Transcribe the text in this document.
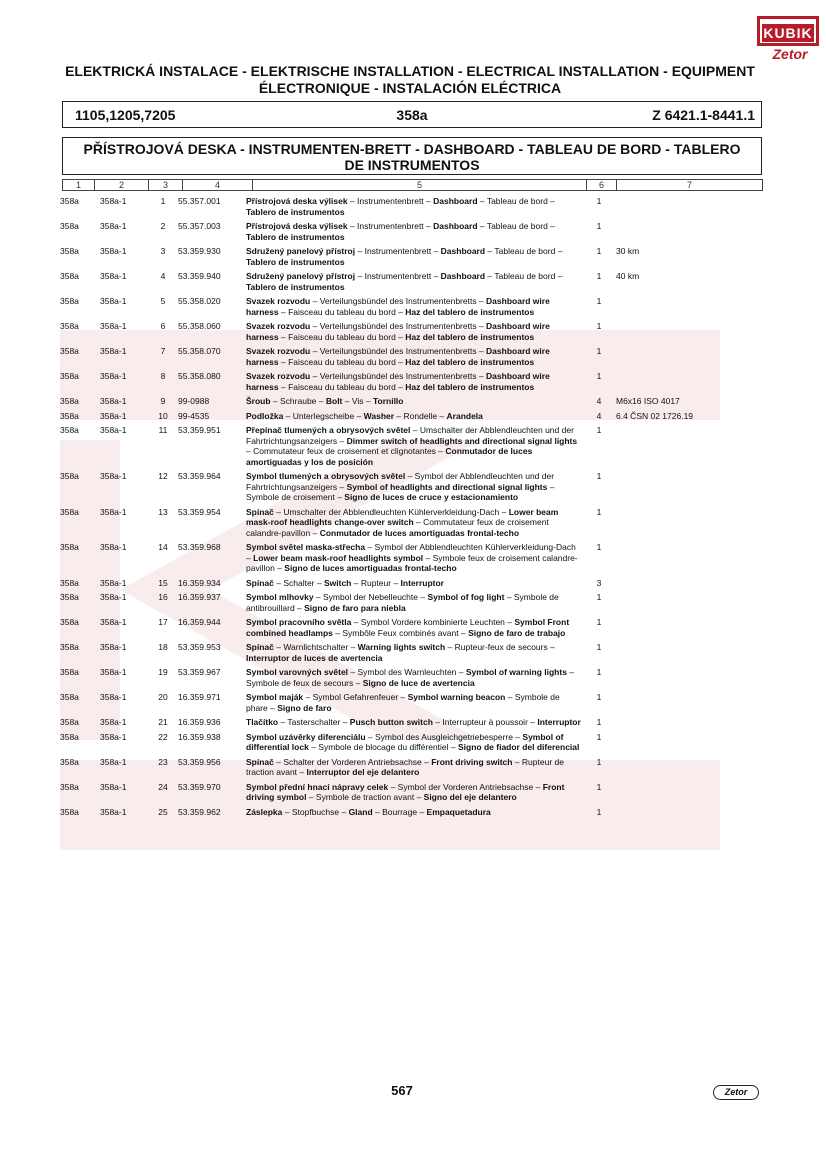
KUBIK
Zetor
ELEKTRICKÁ INSTALACE - ELEKTRISCHE INSTALLATION - ELECTRICAL INSTALLATION - EQUIPMENT
ÉLECTRONIQUE - INSTALACIÓN ELÉCTRICA
1105,1205,7205	358a	Z 6421.1-8441.1
PŘÍSTROJOVÁ DESKA - INSTRUMENTEN-BRETT - DASHBOARD - TABLEAU DE BORD - TABLERO DE INSTRUMENTOS
1	2	3	4	5	6	7
358a	358a-1	1	55.357.001	Přístrojová deska výlisek – Instrumentenbrett – Dashboard – Tableau de bord – Tablero de instrumentos	1	
358a	358a-1	2	55.357.003	Přístrojová deska výlisek – Instrumentenbrett – Dashboard – Tableau de bord – Tablero de instrumentos	1	
358a	358a-1	3	53.359.930	Sdružený panelový přístroj – Instrumentenbrett – Dashboard – Tableau de bord – Tablero de instrumentos	1	30 km
358a	358a-1	4	53.359.940	Sdružený panelový přístroj – Instrumentenbrett – Dashboard – Tableau de bord – Tablero de instrumentos	1	40 km
358a	358a-1	5	55.358.020	Svazek rozvodu – Verteilungsbündel des Instrumentenbretts – Dashboard wire harness – Faisceau du tableau du bord – Haz del tablero de instrumentos	1	
358a	358a-1	6	55.358.060	Svazek rozvodu – Verteilungsbündel des Instrumentenbretts – Dashboard wire harness – Faisceau du tableau du bord – Haz del tablero de instrumentos	1	
358a	358a-1	7	55.358.070	Svazek rozvodu – Verteilungsbündel des Instrumentenbretts – Dashboard wire harness – Faisceau du tableau du bord – Haz del tablero de instrumentos	1	
358a	358a-1	8	55.358.080	Svazek rozvodu – Verteilungsbündel des Instrumentenbretts – Dashboard wire harness – Faisceau du tableau du bord – Haz del tablero de instrumentos	1	
358a	358a-1	9	99-0988	Šroub – Schraube – Bolt – Vis – Tornillo	4	M6x16 ISO 4017
358a	358a-1	10	99-4535	Podložka – Unterlegscheibe – Washer – Rondelle – Arandela	4	6.4 ČSN 02 1726.19
358a	358a-1	11	53.359.951	Přepínač tlumených a obrysových světel – Umschalter der Abblendleuchten und der Fahrtrichtungsanzeigers – Dimmer switch of headlights and directional signal lights – Commutateur feux de croisement et clignotantes – Conmutador de luces amortiguadas y los de posición	1	
358a	358a-1	12	53.359.964	Symbol tlumených a obrysových světel – Symbol der Abblendleuchten und der Fahrtrichtungsanzeigers – Symbol of headlights and directional signal lights – Symbole de croisement – Signo de luces de cruce y estacionamiento	1	
358a	358a-1	13	53.359.954	Spínač – Umschalter der Abblendleuchten Kühlerverkleidung-Dach – Lower beam mask-roof headlights change-over switch – Commutateur feux de croisement calandre-pavillon – Conmutador de luces amortiguadas frontal-techo	1	
358a	358a-1	14	53.359.968	Symbol světel maska-střecha – Symbol der Abblendleuchten Kühlerverkleidung-Dach – Lower beam mask-roof headlights symbol – Symbole feux de croisement calandre-pavillon – Signo de luces amortiguadas frontal-techo	1	
358a	358a-1	15	16.359.934	Spínač – Schalter – Switch – Rupteur – Interruptor	3	
358a	358a-1	16	16.359.937	Symbol mlhovky – Symbol der Nebelleuchte – Symbol of fog light – Symbole de antibrouillard – Signo de faro para niebla	1	
358a	358a-1	17	16.359.944	Symbol pracovního světla – Symbol Vordere kombinierte Leuchten – Symbol Front combined headlamps – Symbôle Feux combinés avant – Signo de faro de trabajo	1	
358a	358a-1	18	53.359.953	Spínač – Warnlichtschalter – Warning lights switch – Rupteur-feux de secours – Interruptor de luces de avertencia	1	
358a	358a-1	19	53.359.967	Symbol varovných světel – Symbol des Warnleuchten – Symbol of warning lights – Symbole de feux de secours – Signo de luce de avertencia	1	
358a	358a-1	20	16.359.971	Symbol maják – Symbol Gefahrenfeuer – Symbol warning beacon – Symbole de phare – Signo de faro	1	
358a	358a-1	21	16.359.936	Tlačítko – Tasterschalter – Pusch button switch – Interrupteur à poussoir – Interruptor	1	
358a	358a-1	22	16.359.938	Symbol uzávěrky diferenciálu – Symbol des Ausgleichgetriebesperre – Symbol of differential lock – Symbole de blocage du différentiel – Signo de fiador del diferencial	1	
358a	358a-1	23	53.359.956	Spínač – Schalter der Vorderen Antriebsachse – Front driving switch – Rupteur de traction avant – Interruptor del eje delantero	1	
358a	358a-1	24	53.359.970	Symbol přední hnací nápravy celek – Symbol der Vorderen Antriebsachse – Front driving symbol – Symbole de traction avant – Signo del eje delantero	1	
358a	358a-1	25	53.359.962	Záslepka – Stopfbuchse – Gland – Bourrage – Empaquetadura	1	
567	Zetor
